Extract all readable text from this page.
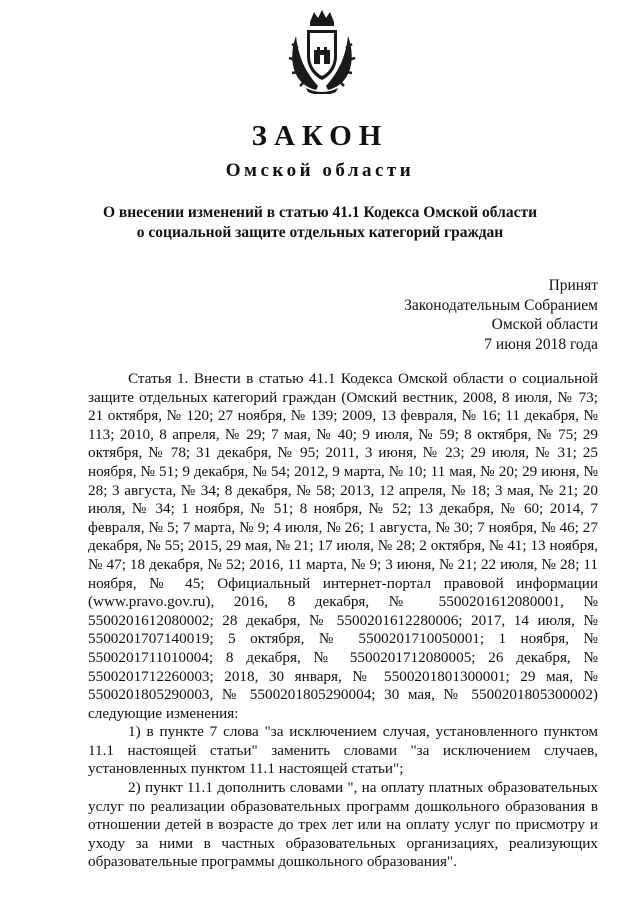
ЗАКОН
Омской области
О внесении изменений в статью 41.1 Кодекса Омской области
о социальной защите отдельных категорий граждан
Принят
Законодательным Собранием
Омской области
7 июня 2018 года

Статья 1. Внести в статью 41.1 Кодекса Омской области о социальной защите отдельных категорий граждан (Омский вестник, 2008, 8 июля, № 73; 21 октября, № 120; 27 ноября, № 139; 2009, 13 февраля, № 16; 11 декабря, № 113; 2010, 8 апреля, № 29; 7 мая, № 40; 9 июля, № 59; 8 октября, № 75; 29 октября, № 78; 31 декабря, № 95; 2011, 3 июня, № 23; 29 июля, № 31; 25 ноября, № 51; 9 декабря, № 54; 2012, 9 марта, № 10; 11 мая, № 20; 29 июня, № 28; 3 августа, № 34; 8 декабря, № 58; 2013, 12 апреля, № 18; 3 мая, № 21; 20 июля, № 34; 1 ноября, № 51; 8 ноября, № 52; 13 декабря, № 60; 2014, 7 февраля, № 5; 7 марта, № 9; 4 июля, № 26; 1 августа, № 30; 7 ноября, № 46; 27 декабря, № 55; 2015, 29 мая, № 21; 17 июля, № 28; 2 октября, № 41; 13 ноября, № 47; 18 декабря, № 52; 2016, 11 марта, № 9; 3 июня, № 21; 22 июля, № 28; 11 ноября, № 45; Официальный интернет-портал правовой информации (www.pravo.gov.ru), 2016, 8 декабря, № 5500201612080001, № 5500201612080002; 28 декабря, № 5500201612280006; 2017, 14 июля, № 5500201707140019; 5 октября, № 5500201710050001; 1 ноября, № 5500201711010004; 8 декабря, № 5500201712080005; 26 декабря, № 5500201712260003; 2018, 30 января, № 5500201801300001; 29 мая, № 5500201805290003, № 5500201805290004; 30 мая, № 5500201805300002) следующие изменения:

1) в пункте 7 слова "за исключением случая, установленного пунктом 11.1 настоящей статьи" заменить словами "за исключением случаев, установленных пунктом 11.1 настоящей статьи";

2) пункт 11.1 дополнить словами ", на оплату платных образовательных услуг по реализации образовательных программ дошкольного образования в отношении детей в возрасте до трех лет или на оплату услуг по присмотру и уходу за ними в частных образовательных организациях, реализующих образовательные программы дошкольного образования".
